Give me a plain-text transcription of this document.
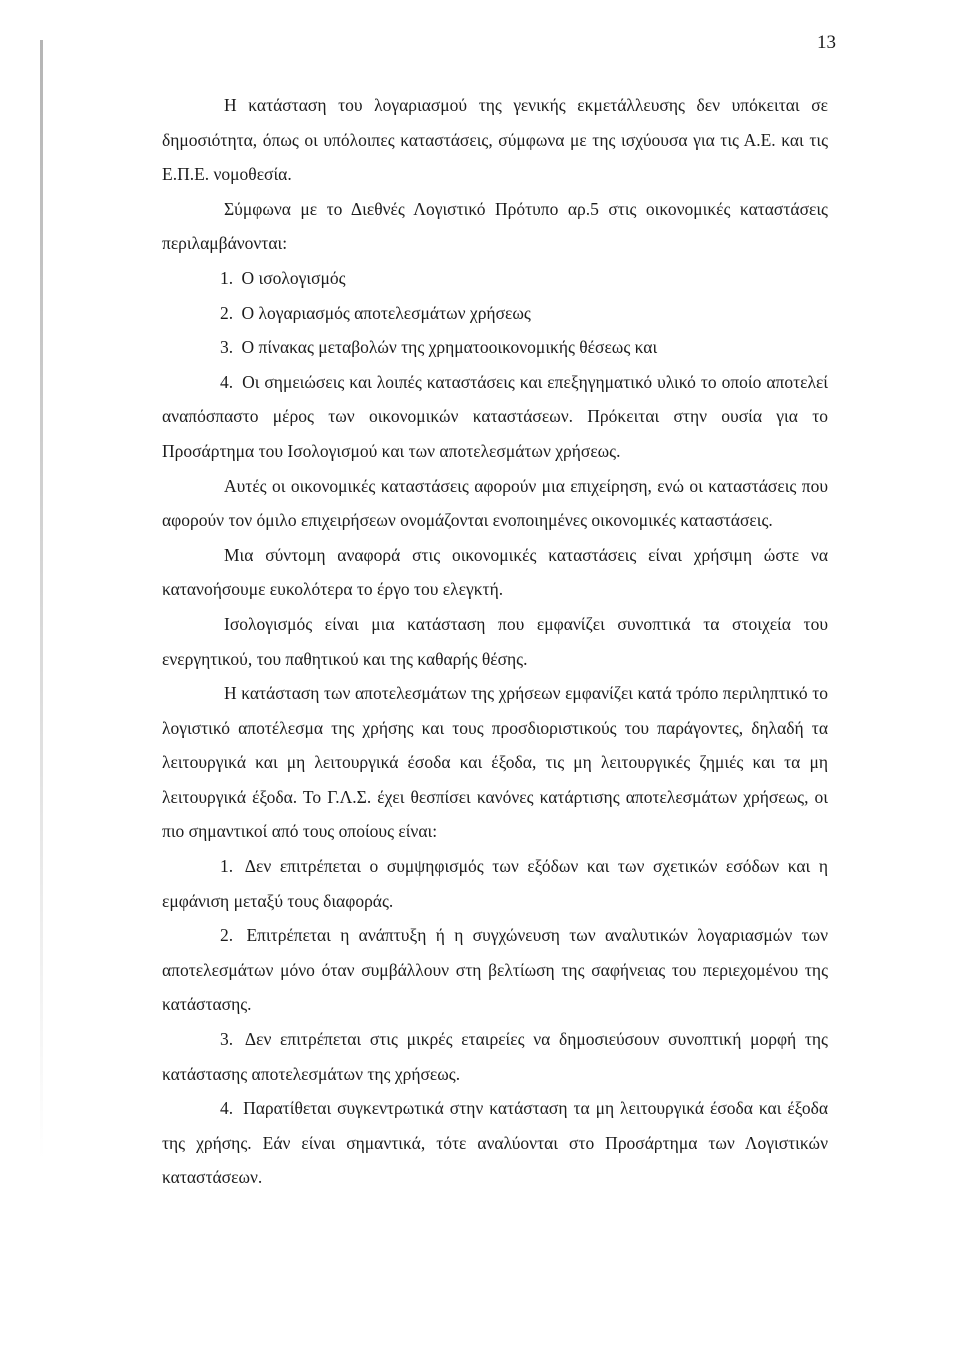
13

Η κατάσταση του λογαριασμού της γενικής εκμετάλλευσης δεν υπόκειται σε δημοσιότητα, όπως οι υπόλοιπες καταστάσεις, σύμφωνα με της ισχύουσα για τις Α.Ε. και τις Ε.Π.Ε. νομοθεσία.

Σύμφωνα με το Διεθνές Λογιστικό Πρότυπο αρ.5 στις οικονομικές καταστάσεις περιλαμβάνονται:

1. Ο ισολογισμός
2. Ο λογαριασμός αποτελεσμάτων χρήσεως
3. Ο πίνακας μεταβολών της χρηματοοικονομικής θέσεως και

4. Οι σημειώσεις και λοιπές καταστάσεις και επεξηγηματικό υλικό το οποίο αποτελεί αναπόσπαστο μέρος των οικονομικών καταστάσεων. Πρόκειται στην ουσία για το Προσάρτημα του Ισολογισμού και των αποτελεσμάτων χρήσεως.

Αυτές οι οικονομικές καταστάσεις αφορούν μια επιχείρηση, ενώ οι καταστάσεις που αφορούν τον όμιλο επιχειρήσεων ονομάζονται ενοποιημένες οικονομικές καταστάσεις.

Μια σύντομη αναφορά στις οικονομικές καταστάσεις είναι χρήσιμη ώστε να κατανοήσουμε ευκολότερα το έργο του ελεγκτή.

Ισολογισμός είναι μια κατάσταση που εμφανίζει συνοπτικά τα στοιχεία του ενεργητικού, του παθητικού και της καθαρής θέσης.

Η κατάσταση των αποτελεσμάτων της χρήσεων εμφανίζει κατά τρόπο περιληπτικό το λογιστικό αποτέλεσμα της χρήσης και τους προσδιοριστικούς του παράγοντες, δηλαδή τα λειτουργικά και μη λειτουργικά έσοδα και έξοδα, τις μη λειτουργικές ζημιές και τα μη λειτουργικά έξοδα. Το Γ.Λ.Σ. έχει θεσπίσει κανόνες κατάρτισης αποτελεσμάτων χρήσεως, οι πιο σημαντικοί από τους οποίους είναι:

1. Δεν επιτρέπεται ο συμψηφισμός των εξόδων και των σχετικών εσόδων και η εμφάνιση μεταξύ τους διαφοράς.

2. Επιτρέπεται η ανάπτυξη ή η συγχώνευση των αναλυτικών λογαριασμών των αποτελεσμάτων μόνο όταν συμβάλλουν στη βελτίωση της σαφήνειας του περιεχομένου της κατάστασης.

3. Δεν επιτρέπεται στις μικρές εταιρείες να δημοσιεύσουν συνοπτική μορφή της κατάστασης αποτελεσμάτων της χρήσεως.

4. Παρατίθεται συγκεντρωτικά στην κατάσταση τα μη λειτουργικά έσοδα και έξοδα της χρήσης. Εάν είναι σημαντικά, τότε αναλύονται στο Προσάρτημα των Λογιστικών καταστάσεων.
